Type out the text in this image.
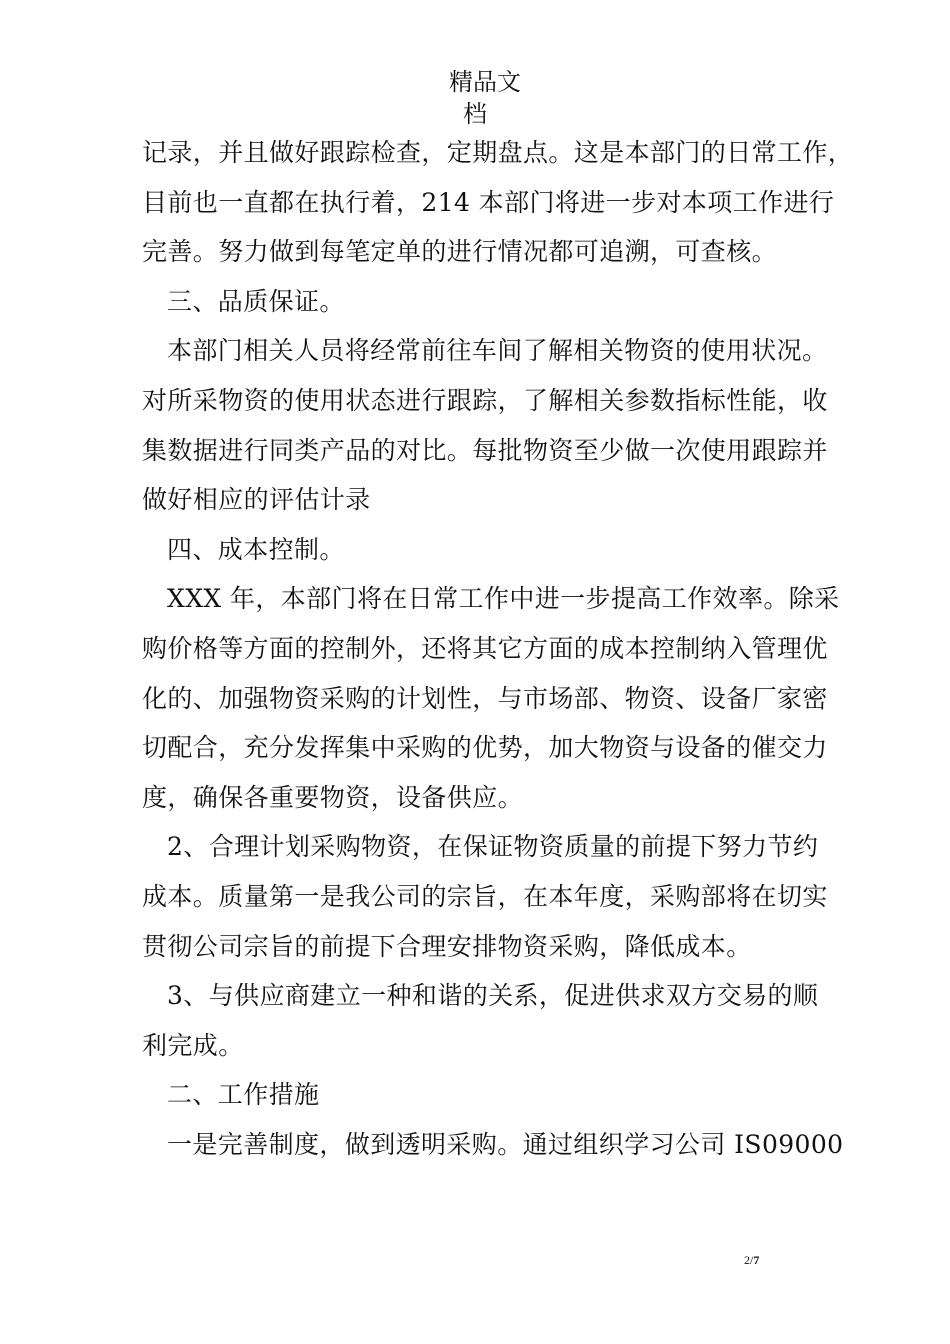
精品文
档
记录，并且做好跟踪检查，定期盘点。这是本部门的日常工作，
目前也一直都在执行着，214 本部门将进一步对本项工作进行
完善。努力做到每笔定单的进行情况都可追溯，可查核。
三、品质保证。
本部门相关人员将经常前往车间了解相关物资的使用状况。
对所采物资的使用状态进行跟踪，了解相关参数指标性能，收
集数据进行同类产品的对比。每批物资至少做一次使用跟踪并
做好相应的评估计录
四、成本控制。
XXX 年，本部门将在日常工作中进一步提高工作效率。除采
购价格等方面的控制外，还将其它方面的成本控制纳入管理优
化的、加强物资采购的计划性，与市场部、物资、设备厂家密
切配合，充分发挥集中采购的优势，加大物资与设备的催交力
度，确保各重要物资，设备供应。
2、合理计划采购物资，在保证物资质量的前提下努力节约
成本。质量第一是我公司的宗旨，在本年度，采购部将在切实
贯彻公司宗旨的前提下合理安排物资采购，降低成本。
3、与供应商建立一种和谐的关系，促进供求双方交易的顺
利完成。
二、工作措施
一是完善制度，做到透明采购。通过组织学习公司 IS09000
2/7
